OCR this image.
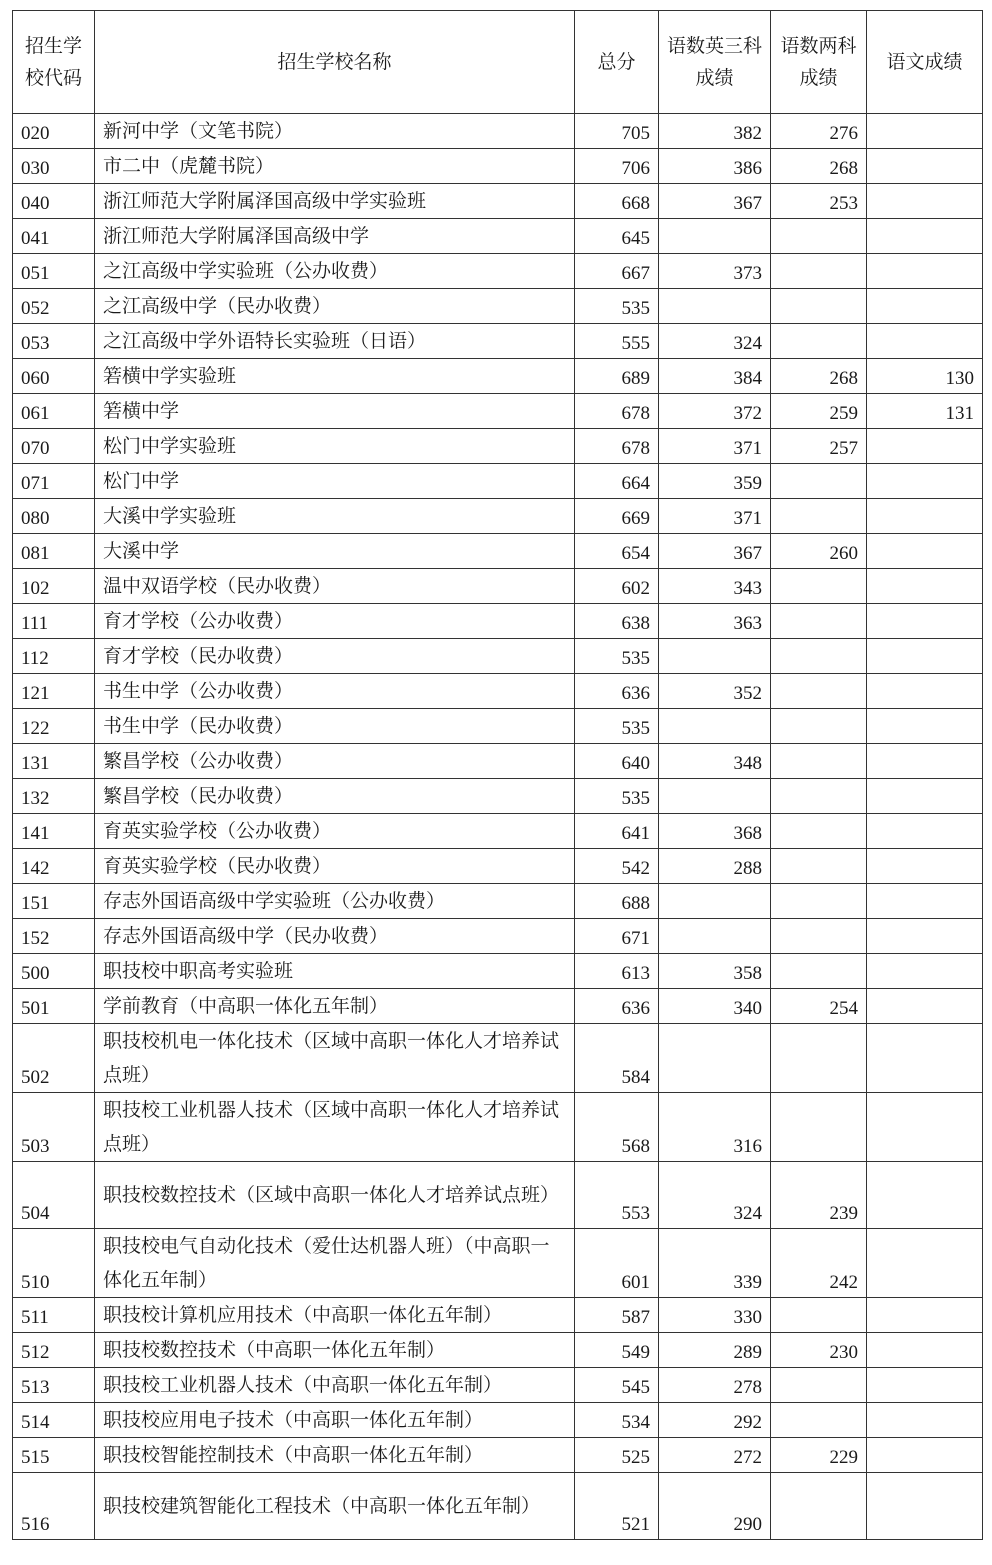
招生学校代码	招生学校名称	总分	语数英三科成绩	语数两科成绩	语文成绩
020	新河中学（文笔书院）	705	382	276	
030	市二中（虎麓书院）	706	386	268	
040	浙江师范大学附属泽国高级中学实验班	668	367	253	
041	浙江师范大学附属泽国高级中学	645			
051	之江高级中学实验班（公办收费）	667	373		
052	之江高级中学（民办收费）	535			
053	之江高级中学外语特长实验班（日语）	555	324		
060	箬横中学实验班	689	384	268	130
061	箬横中学	678	372	259	131
070	松门中学实验班	678	371	257	
071	松门中学	664	359		
080	大溪中学实验班	669	371		
081	大溪中学	654	367	260	
102	温中双语学校（民办收费）	602	343		
111	育才学校（公办收费）	638	363		
112	育才学校（民办收费）	535			
121	书生中学（公办收费）	636	352		
122	书生中学（民办收费）	535			
131	繁昌学校（公办收费）	640	348		
132	繁昌学校（民办收费）	535			
141	育英实验学校（公办收费）	641	368		
142	育英实验学校（民办收费）	542	288		
151	存志外国语高级中学实验班（公办收费）	688			
152	存志外国语高级中学（民办收费）	671			
500	职技校中职高考实验班	613	358		
501	学前教育（中高职一体化五年制）	636	340	254	
502	职技校机电一体化技术（区域中高职一体化人才培养试点班）	584			
503	职技校工业机器人技术（区域中高职一体化人才培养试点班）	568	316		
504	职技校数控技术（区域中高职一体化人才培养试点班）	553	324	239	
510	职技校电气自动化技术（爱仕达机器人班）（中高职一体化五年制）	601	339	242	
511	职技校计算机应用技术（中高职一体化五年制）	587	330		
512	职技校数控技术（中高职一体化五年制）	549	289	230	
513	职技校工业机器人技术（中高职一体化五年制）	545	278		
514	职技校应用电子技术（中高职一体化五年制）	534	292		
515	职技校智能控制技术（中高职一体化五年制）	525	272	229	
516	职技校建筑智能化工程技术（中高职一体化五年制）	521	290		
